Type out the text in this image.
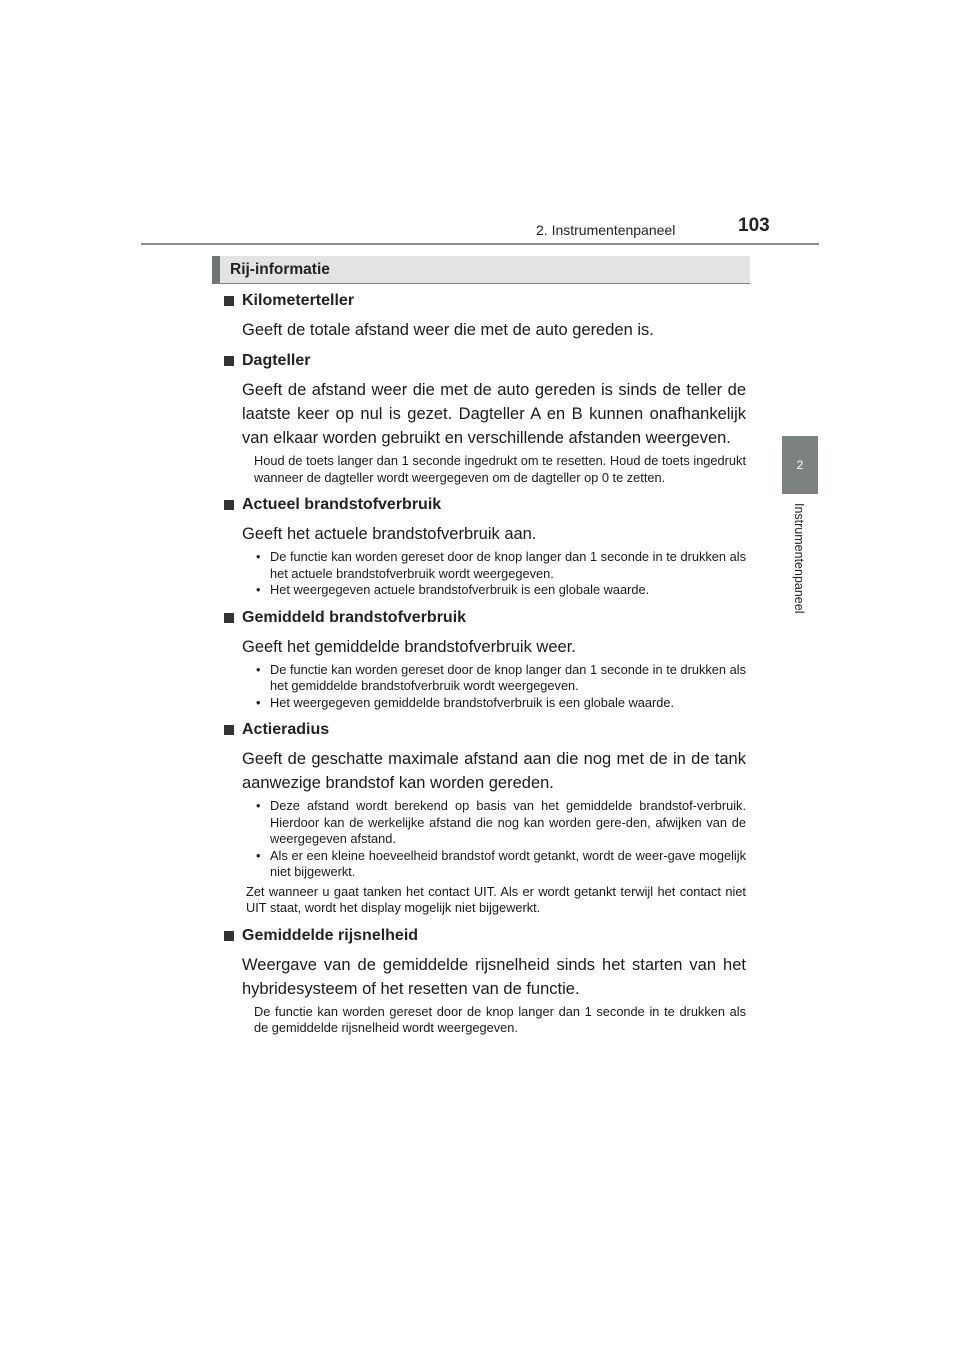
2. Instrumentenpaneel	103
2
Instrumentenpaneel
Rij-informatie
Kilometerteller
Geeft de totale afstand weer die met de auto gereden is.
Dagteller
Geeft de afstand weer die met de auto gereden is sinds de teller de laatste keer op nul is gezet. Dagteller A en B kunnen onafhankelijk van elkaar worden gebruikt en verschillende afstanden weergeven.
Houd de toets langer dan 1 seconde ingedrukt om te resetten. Houd de toets ingedrukt wanneer de dagteller wordt weergegeven om de dagteller op 0 te zetten.
Actueel brandstofverbruik
Geeft het actuele brandstofverbruik aan.
• De functie kan worden gereset door de knop langer dan 1 seconde in te drukken als het actuele brandstofverbruik wordt weergegeven.
• Het weergegeven actuele brandstofverbruik is een globale waarde.
Gemiddeld brandstofverbruik
Geeft het gemiddelde brandstofverbruik weer.
• De functie kan worden gereset door de knop langer dan 1 seconde in te drukken als het gemiddelde brandstofverbruik wordt weergegeven.
• Het weergegeven gemiddelde brandstofverbruik is een globale waarde.
Actieradius
Geeft de geschatte maximale afstand aan die nog met de in de tank aanwezige brandstof kan worden gereden.
• Deze afstand wordt berekend op basis van het gemiddelde brandstof-verbruik. Hierdoor kan de werkelijke afstand die nog kan worden gere-den, afwijken van de weergegeven afstand.
• Als er een kleine hoeveelheid brandstof wordt getankt, wordt de weer-gave mogelijk niet bijgewerkt.
Zet wanneer u gaat tanken het contact UIT. Als er wordt getankt terwijl het contact niet UIT staat, wordt het display mogelijk niet bijgewerkt.
Gemiddelde rijsnelheid
Weergave van de gemiddelde rijsnelheid sinds het starten van het hybridesysteem of het resetten van de functie.
De functie kan worden gereset door de knop langer dan 1 seconde in te drukken als de gemiddelde rijsnelheid wordt weergegeven.
